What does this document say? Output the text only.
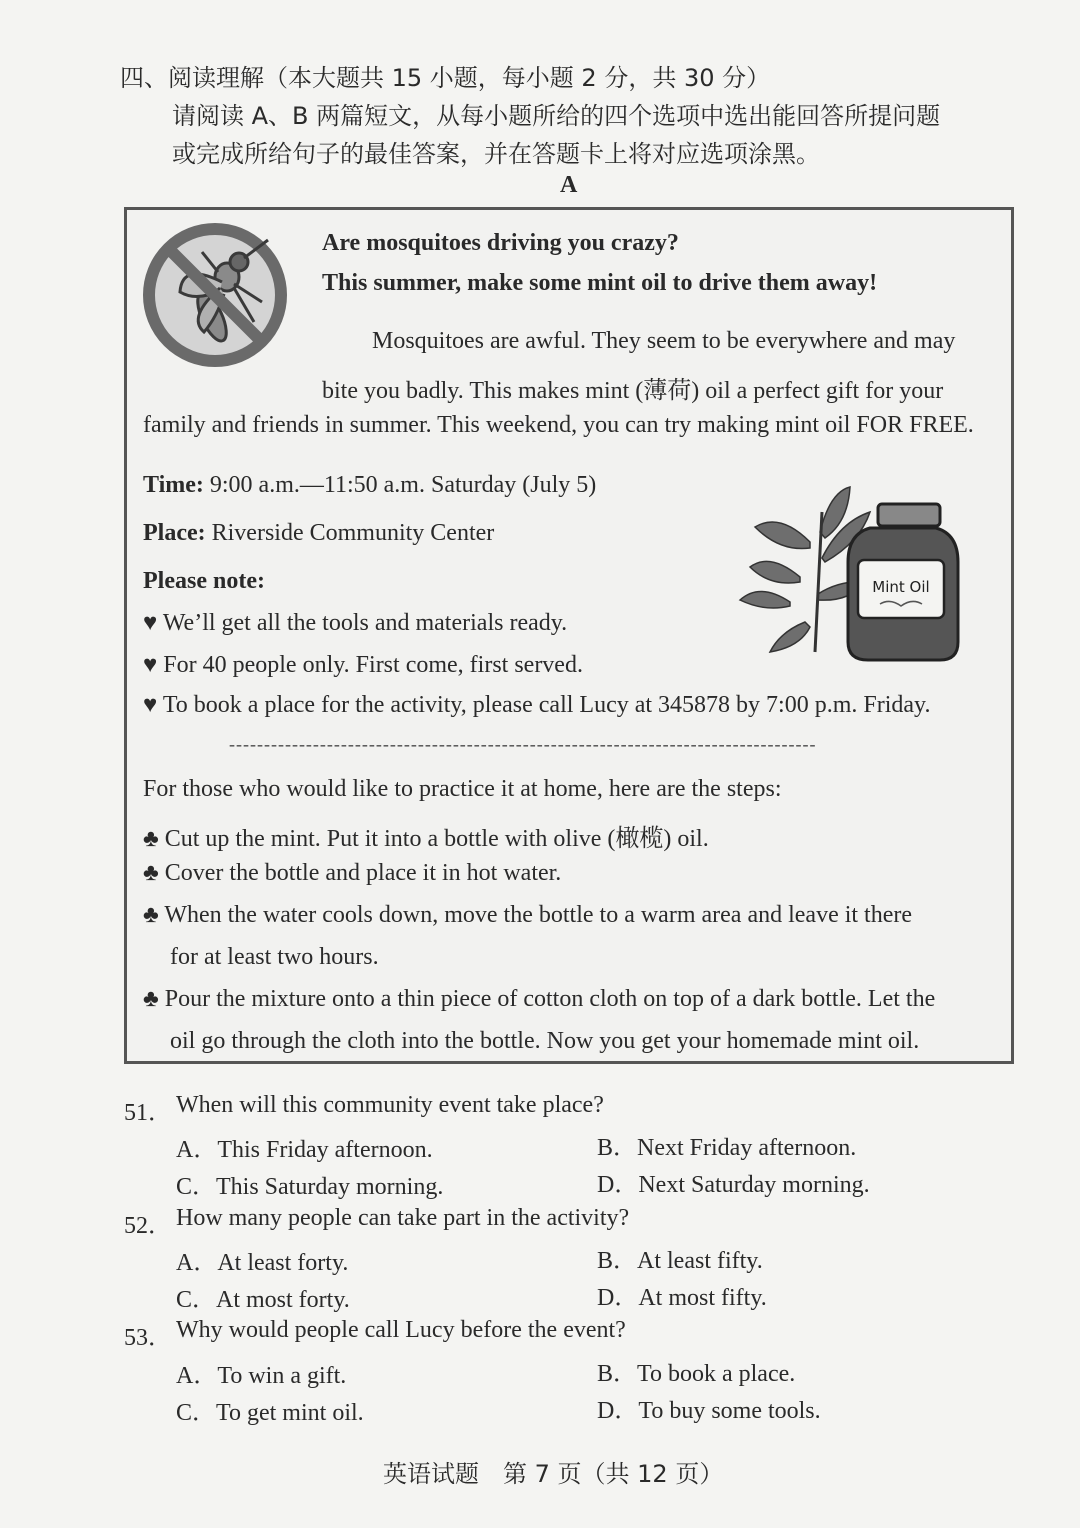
四、阅读理解（本大题共 15 小题，每小题 2 分，共 30 分）
请阅读 A、B 两篇短文，从每小题所给的四个选项中选出能回答所提问题
或完成所给句子的最佳答案，并在答题卡上将对应选项涂黑。
A
Are mosquitoes driving you crazy?
This summer, make some mint oil to drive them away!
Mosquitoes are awful. They seem to be everywhere and may
bite you badly. This makes mint (薄荷) oil a perfect gift for your
family and friends in summer. This weekend, you can try making mint oil FOR FREE.
Time: 9:00 a.m.—11:50 a.m. Saturday (July 5)
Place: Riverside Community Center
Please note:
♥ We’ll get all the tools and materials ready.
♥ For 40 people only. First come, first served.
♥ To book a place for the activity, please call Lucy at 345878 by 7:00 p.m. Friday.
Mint Oil
------------------------------------------------------------------------------------
For those who would like to practice it at home, here are the steps:
♣ Cut up the mint. Put it into a bottle with olive (橄榄) oil.
♣ Cover the bottle and place it in hot water.
♣ When the water cools down, move the bottle to a warm area and leave it there
for at least two hours.
♣ Pour the mixture onto a thin piece of cotton cloth on top of a dark bottle. Let the
oil go through the cloth into the bottle. Now you get your homemade mint oil.
51． When will this community event take place?
A．This Friday afternoon.	B．Next Friday afternoon.
C．This Saturday morning.	D．Next Saturday morning.
52． How many people can take part in the activity?
A．At least forty.	B．At least fifty.
C．At most forty.	D．At most fifty.
53． Why would people call Lucy before the event?
A．To win a gift.	B．To book a place.
C．To get mint oil.	D．To buy some tools.
英语试题　第 7 页（共 12 页）
